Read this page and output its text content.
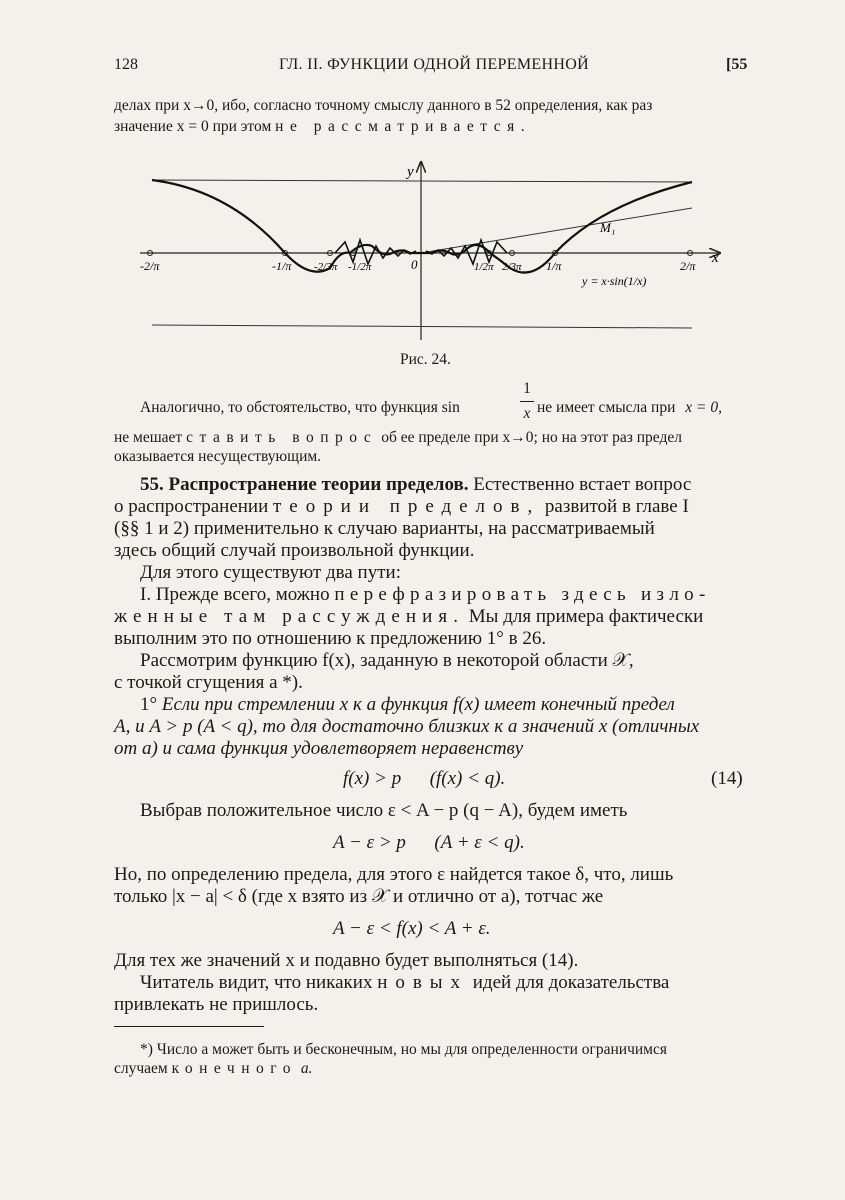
128	ГЛ. II. ФУНКЦИИ ОДНОЙ ПЕРЕМЕННОЙ	[55
делах при x→0, ибо, согласно точному смыслу данного в 52 определения, как раз
значение x = 0 при этом не рассматривается.
-2/π	-1/π -2/3π -1/2π	1/2π 2/3π 1/π	2/π
0	x
y
M₁
y = x·sin(1/x)
Рис. 24.
Аналогично, то обстоятельство, что функция sin
1
x не имеет смысла при x = 0,
не мешает ставить вопрос об ее пределе при x→0; но на этот раз предел
оказывается несуществующим.
55. Распространение теории пределов. Естественно встает вопрос
о распространении теории пределов, развитой в главе I
(§§ 1 и 2) применительно к случаю варианты, на рассматриваемый
здесь общий случай произвольной функции.
Для этого существуют два пути:
I. Прежде всего, можно перефразировать здесь изло-
женные там рассуждения. Мы для примера фактически
выполним это по отношению к предложению 1° в 26.
Рассмотрим функцию f(x), заданную в некоторой области 𝒳,
с точкой сгущения a *).
1° Если при стремлении x к a функция f(x) имеет конечный предел
A, и A > p (A < q), то для достаточно близких к a значений x (отличных
от a) и сама функция удовлетворяет неравенству
f(x) > p      (f(x) < q).	(14)
Выбрав положительное число ε < A − p (q − A), будем иметь
A − ε > p      (A + ε < q).
Но, по определению предела, для этого ε найдется такое δ, что, лишь
только |x − a| < δ (где x взято из 𝒳 и отлично от a), тотчас же
A − ε < f(x) < A + ε.
Для тех же значений x и подавно будет выполняться (14).
Читатель видит, что никаких новых идей для доказательства
привлекать не пришлось.
*) Число a может быть и бесконечным, но мы для определенности ограничимся
случаем конечного a.
